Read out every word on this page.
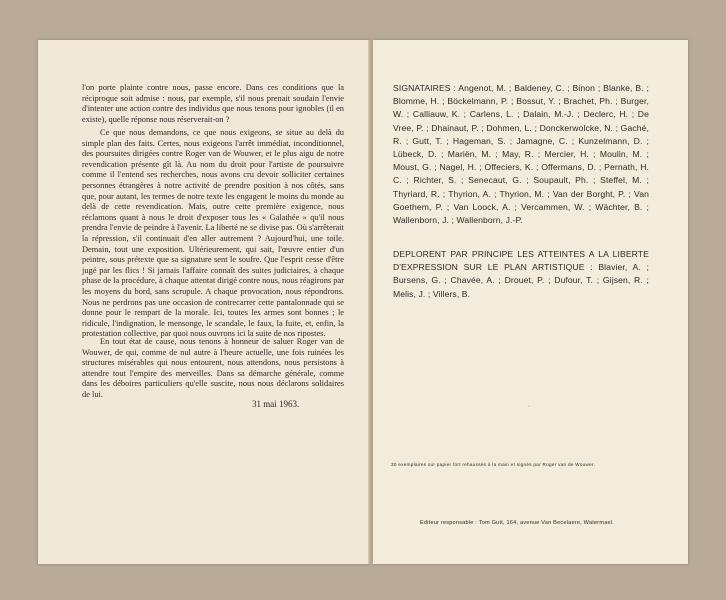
l'on porte plainte contre nous, passe encore. Dans ces conditions que la réciproque soit admise : nous, par exemple, s'il nous prenait soudain l'envie d'intenter une action contre des individus que nous tenons pour ignobles (il en existe), quelle réponse nous réserverait-on ?

Ce que nous demandons, ce que nous exigeons, se situe au delà du simple plan des faits. Certes, nous exigeons l'arrêt immédiat, inconditionnel, des poursuites dirigées contre Roger van de Wouwer, et le plus aigu de notre revendication présente gît là. Au nom du droit pour l'artiste de poursuivre comme il l'entend ses recherches, nous avons cru devoir solliciter certaines personnes étrangères à notre activité de prendre position à nos côtés, sans que, pour autant, les termes de notre texte les engagent le moins du monde au delà de cette revendication. Mais, outre cette première exigence, nous réclamons quant à nous le droit d'exposer tous les « Galathée » qu'il nous prendra l'envie de peindre à l'avenir. La liberté ne se divise pas. Où s'arrêterait la répression, s'il continuait d'en aller autrement ? Aujourd'hui, une toile. Demain, tout une exposition. Ultérieurement, qui sait, l'œuvre entier d'un peintre, sous prétexte que sa signature sent le soufre. Que l'esprit cesse d'être jugé par les flics ! Si jamais l'affaire connaît des suites judiciaires, à chaque phase de la procédure, à chaque attentat dirigé contre nous, nous réagirons par les moyens du bord, sans scrupule. A chaque provocation, nous répondrons. Nous ne perdrons pas une occasion de contrecarrer cette pantalonnade qui se donne pour le rempart de la morale. Ici, toutes les armes sont bonnes ; le ridicule, l'indignation, le mensonge, le scandale, le faux, la fuite, et, enfin, la protestation collective, par quoi nous ouvrons ici la suite de nos ripostes.

En tout état de cause, nous tenons à honneur de saluer Roger van de Wouwer, de qui, comme de nul autre à l'heure actuelle, une fois ruinées les structures misérables qui nous entourent, nous attendons, nous persistons à attendre tout l'empire des merveilles. Dans sa démarche générale, comme dans les déboires particuliers qu'elle suscite, nous nous déclarons solidaires de lui.

31 mai 1963.

SIGNATAIRES : Angenot, M. ; Baldeney, C. ; Binon ; Blanke, B. ; Blomme, H. ; Böckelmann, P. ; Bossut, Y. ; Brachet, Ph. ; Burger, W. ; Calliauw, K. ; Carlens, L. ; Dalain, M.-J. ; Declerc, H. ; De Vree, P. ; Dhainaut, P. ; Dohmen, L. ; Donckerwolcke, N. ; Gaché, R. ; Gutt, T. ; Hageman, S. ; Jamagne, C. ; Kunzelmann, D. ; Lübeck, D. ; Mariën, M. ; May, R. ; Mercier, H. ; Moulin, M. ; Moust, G. ; Nagel, H. ; Offeciers, K. ; Offermans, D. ; Pernath, H. C. ; Richter, S. ; Senecaut, G. ; Soupault, Ph. ; Steffel, M. ; Thyriard, R. ; Thyrion, A. ; Thyrion, M. ; Van der Borght, P. ; Van Goethem, P. ; Van Loock, A. ; Vercammen, W. ; Wächter, B. ; Wallenborn, J. ; Wallenborn, J.-P.

DEPLORENT PAR PRINCIPE LES ATTEINTES A LA LIBERTE D'EXPRESSION SUR LE PLAN ARTISTIQUE : Blavier, A. ; Bursens, G. ; Chavée, A. ; Drouet, P. ; Dufour, T. ; Gijsen, R. ; Melis, J. ; Villers, B.

·
30 exemplaires sur papier fort rehaussés à la main et signés par Roger van de Wouwer.
Editeur responsable : Tom Gutt, 164, avenue Van Becelaere, Watermael.
